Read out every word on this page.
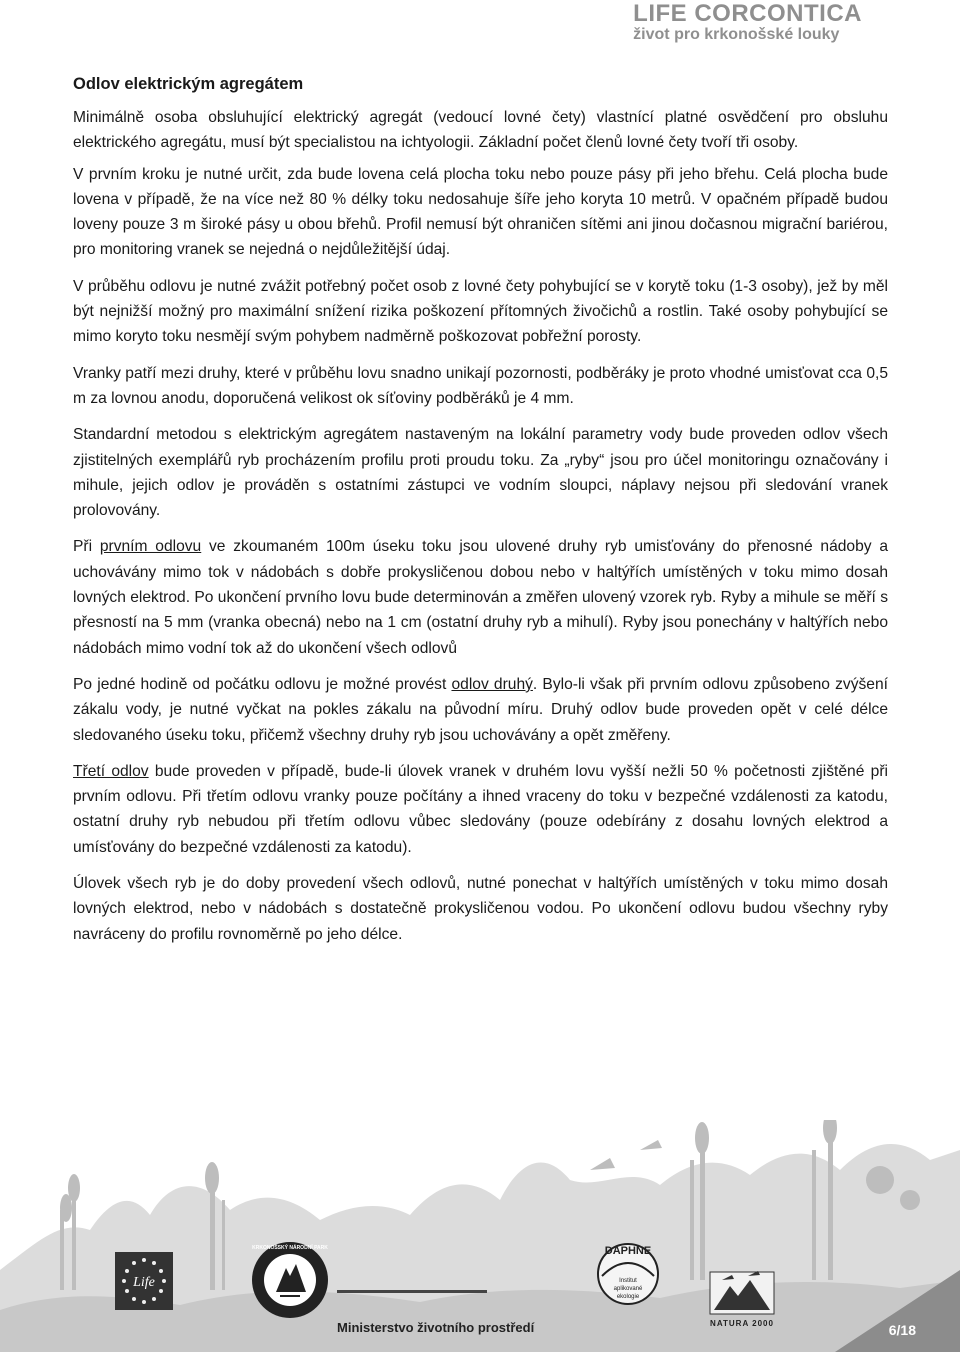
LIFE CORCONTICA
život pro krkonošské louky
Odlov elektrickým agregátem

Minimálně osoba obsluhující elektrický agregát (vedoucí lovné čety) vlastnící platné osvědčení pro obsluhu elektrického agregátu, musí být specialistou na ichtyologii. Základní počet členů lovné čety tvoří tři osoby.

V prvním kroku je nutné určit, zda bude lovena celá plocha toku nebo pouze pásy při jeho břehu. Celá plocha bude lovena v případě, že na více než 80 % délky toku nedosahuje šíře jeho koryta 10 metrů. V opačném případě budou loveny pouze 3 m široké pásy u obou břehů. Profil nemusí být ohraničen sítěmi ani jinou dočasnou migrační bariérou, pro monitoring vranek se nejedná o nejdůležitější údaj.

V průběhu odlovu je nutné zvážit potřebný počet osob z lovné čety pohybující se v korytě toku (1-3 osoby), jež by měl být nejnižší možný pro maximální snížení rizika poškození přítomných živočichů a rostlin. Také osoby pohybující se mimo koryto toku nesmějí svým pohybem nadměrně poškozovat pobřežní porosty.

Vranky patří mezi druhy, které v průběhu lovu snadno unikají pozornosti, podběráky je proto vhodné umisťovat cca 0,5 m za lovnou anodu, doporučená velikost ok síťoviny podběráků je 4 mm.

Standardní metodou s elektrickým agregátem nastaveným na lokální parametry vody bude proveden odlov všech zjistitelných exemplářů ryb procházením profilu proti proudu toku. Za „ryby“ jsou pro účel monitoringu označovány i mihule, jejich odlov je prováděn s ostatními zástupci ve vodním sloupci, náplavy nejsou při sledování vranek prolovovány.

Při prvním odlovu ve zkoumaném 100m úseku toku jsou ulovené druhy ryb umisťovány do přenosné nádoby a uchovávány mimo tok v nádobách s dobře prokysličenou dobou nebo v haltýřích umístěných v toku mimo dosah lovných elektrod. Po ukončení prvního lovu bude determinován a změřen ulovený vzorek ryb. Ryby a mihule se měří s přesností na 5 mm (vranka obecná) nebo na 1 cm (ostatní druhy ryb a mihulí). Ryby jsou ponechány v haltýřích nebo nádobách mimo vodní tok až do ukončení všech odlovů

Po jedné hodině od počátku odlovu je možné provést odlov druhý. Bylo-li však při prvním odlovu způsobeno zvýšení zákalu vody, je nutné vyčkat na pokles zákalu na původní míru. Druhý odlov bude proveden opět v celé délce sledovaného úseku toku, přičemž všechny druhy ryb jsou uchovávány a opět změřeny.

Třetí odlov bude proveden v případě, bude-li úlovek vranek v druhém lovu vyšší nežli 50 % početnosti zjištěné při prvním odlovu. Při třetím odlovu vranky pouze počítány a ihned vraceny do toku v bezpečné vzdálenosti za katodu, ostatní druhy ryb nebudou při třetím odlovu vůbec sledovány (pouze odebírány z dosahu lovných elektrod a umísťovány do bezpečné vzdálenosti za katodu).

Úlovek všech ryb je do doby provedení všech odlovů, nutné ponechat v haltýřích umístěných v toku mimo dosah lovných elektrod, nebo v nádobách s dostatečně prokysličenou vodou. Po ukončení odlovu budou všechny ryby navráceny do profilu rovnoměrně po jeho délce.

6/18
Life
KRKONOŠSKÝ NÁRODNÍ PARK
Ministerstvo životního prostředí
DAPHNE
Institut
aplikované
ekologie
NATURA 2000
